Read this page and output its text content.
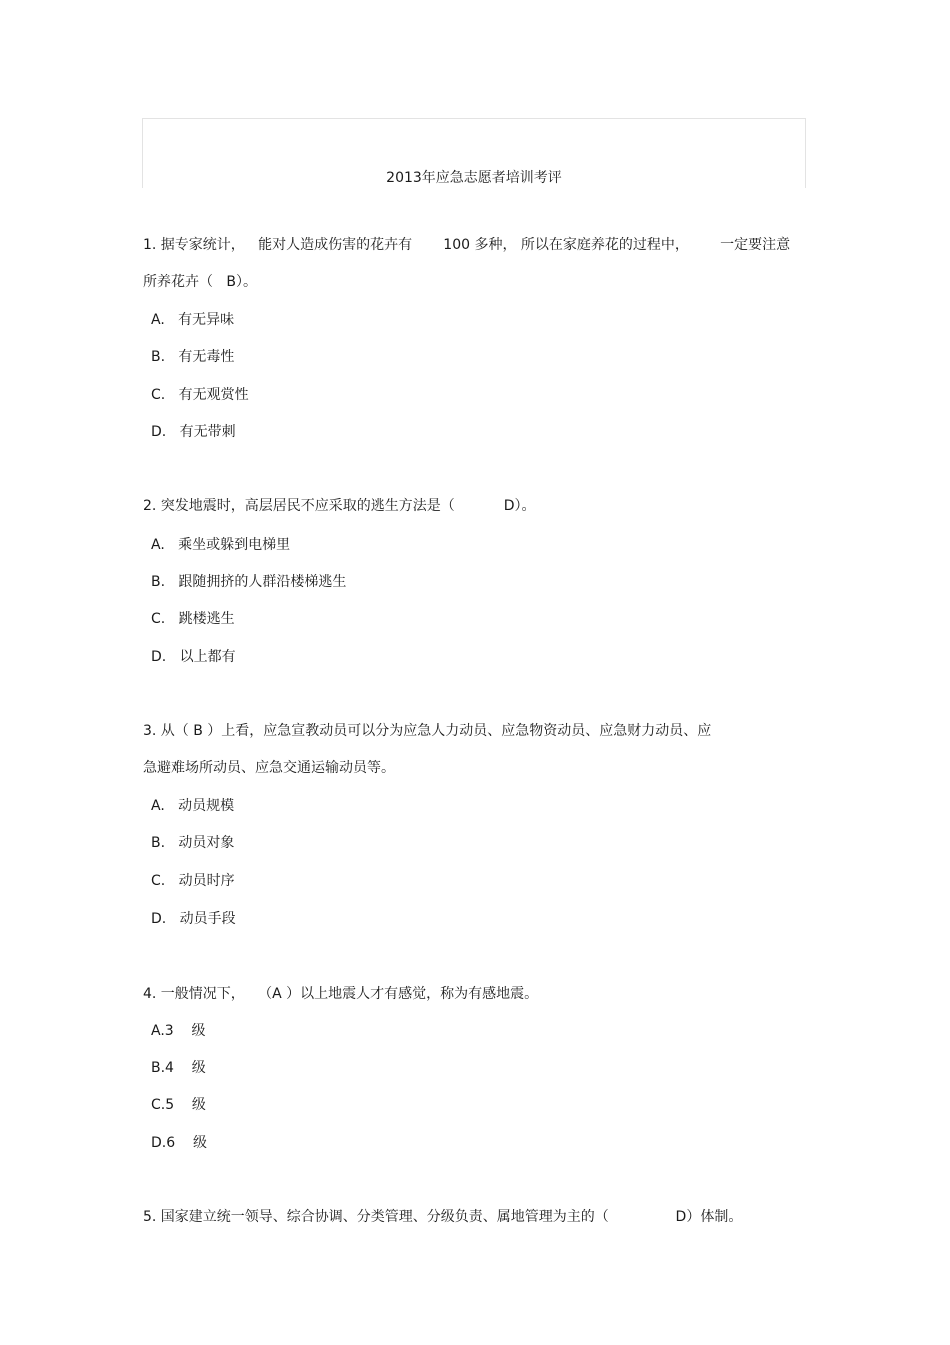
2013年应急志愿者培训考评
1. 据专家统计，   能对人造成伤害的花卉有       100 多种， 所以在家庭养花的过程中，       一定要注意
所养花卉（   B）。
A.   有无异味
B.   有无毒性
C.   有无观赏性
D.   有无带刺
2. 突发地震时，高层居民不应采取的逃生方法是（           D）。
A.   乘坐或躲到电梯里
B.   跟随拥挤的人群沿楼梯逃生
C.   跳楼逃生
D.   以上都有
3. 从（ B ）上看，应急宣教动员可以分为应急人力动员、应急物资动员、应急财力动员、应
急避难场所动员、应急交通运输动员等。
A.   动员规模
B.   动员对象
C.   动员时序
D.   动员手段
4. 一般情况下，   （A ）以上地震人才有感觉，称为有感地震。
A.3    级
B.4    级
C.5    级
D.6    级
5. 国家建立统一领导、综合协调、分类管理、分级负责、属地管理为主的（               D）体制。
